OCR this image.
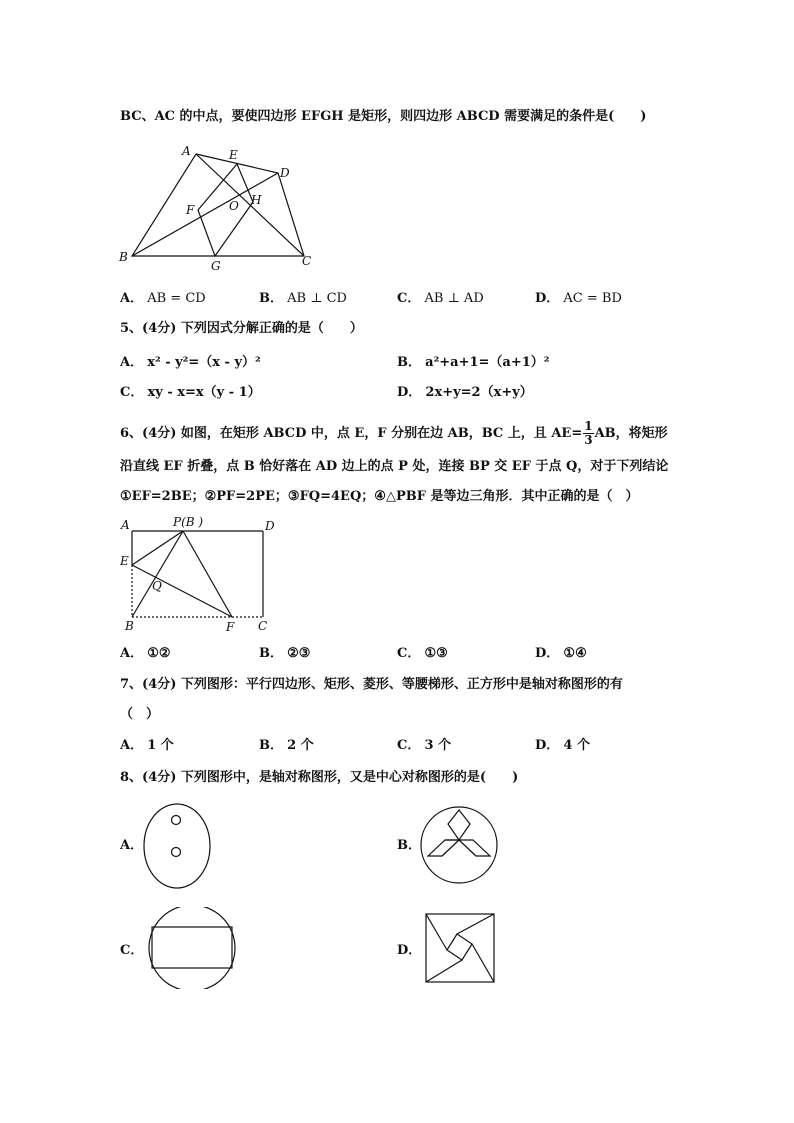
BC、AC 的中点，要使四边形 EFGH 是矩形，则四边形 ABCD 需要满足的条件是(　　)
A	E
D
F	O H
B
G	C
A． AB = CD	B． AB ⊥ CD	C． AB ⊥ AD	D． AC = BD
5、(4分) 下列因式分解正确的是（　　）
A． x² - y²=（x - y）²	B． a²+a+1=（a+1）²
C． xy - x=x（y - 1）	D． 2x+y=2（x+y）
6、(4分) 如图，在矩形 ABCD 中，点 E，F 分别在边 AB，BC 上，且 $AE= \frac{1}{3}$ AB，将矩形
沿直线 EF 折叠，点 B 恰好落在 AD 边上的点 P 处，连接 BP 交 EF 于点 Q，对于下列结论
①EF=2BE；②PF=2PE；③FQ=4EQ；④△PBF 是等边三角形．其中正确的是（　）
A	P(B )	D
E
Q
B	F C
A． ①②	B． ②③	C． ①③	D． ①④
7、(4分) 下列图形：平行四边形、矩形、菱形、等腰梯形、正方形中是轴对称图形的有
（　）
A． 1 个	B． 2 个	C． 3 个	D． 4 个
8、(4分) 下列图形中，是轴对称图形，又是中心对称图形的是(　　)
A．	B．
C．	D．
